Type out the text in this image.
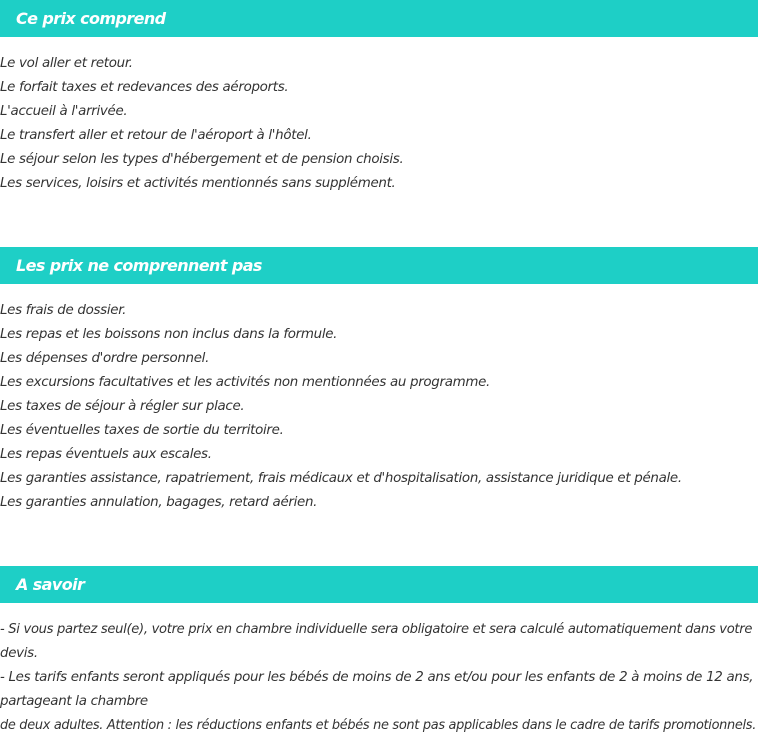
Ce prix comprend
Le vol aller et retour.
Le forfait taxes et redevances des aéroports.
L'accueil à l'arrivée.
Le transfert aller et retour de l'aéroport à l'hôtel.
Le séjour selon les types d'hébergement et de pension choisis.
Les services, loisirs et activités mentionnés sans supplément.
Les prix ne comprennent pas
Les frais de dossier.
Les repas et les boissons non inclus dans la formule.
Les dépenses d'ordre personnel.
Les excursions facultatives et les activités non mentionnées au programme.
Les taxes de séjour à régler sur place.
Les éventuelles taxes de sortie du territoire.
Les repas éventuels aux escales.
Les garanties assistance, rapatriement, frais médicaux et d'hospitalisation, assistance juridique et pénale.
Les garanties annulation, bagages, retard aérien.
A savoir
- Si vous partez seul(e), votre prix en chambre individuelle sera obligatoire et sera calculé automatiquement dans votre
devis.
- Les tarifs enfants seront appliqués pour les bébés de moins de 2 ans et/ou pour les enfants de 2 à moins de 12 ans,
partageant la chambre
de deux adultes. Attention : les réductions enfants et bébés ne sont pas applicables dans le cadre de tarifs promotionnels.
